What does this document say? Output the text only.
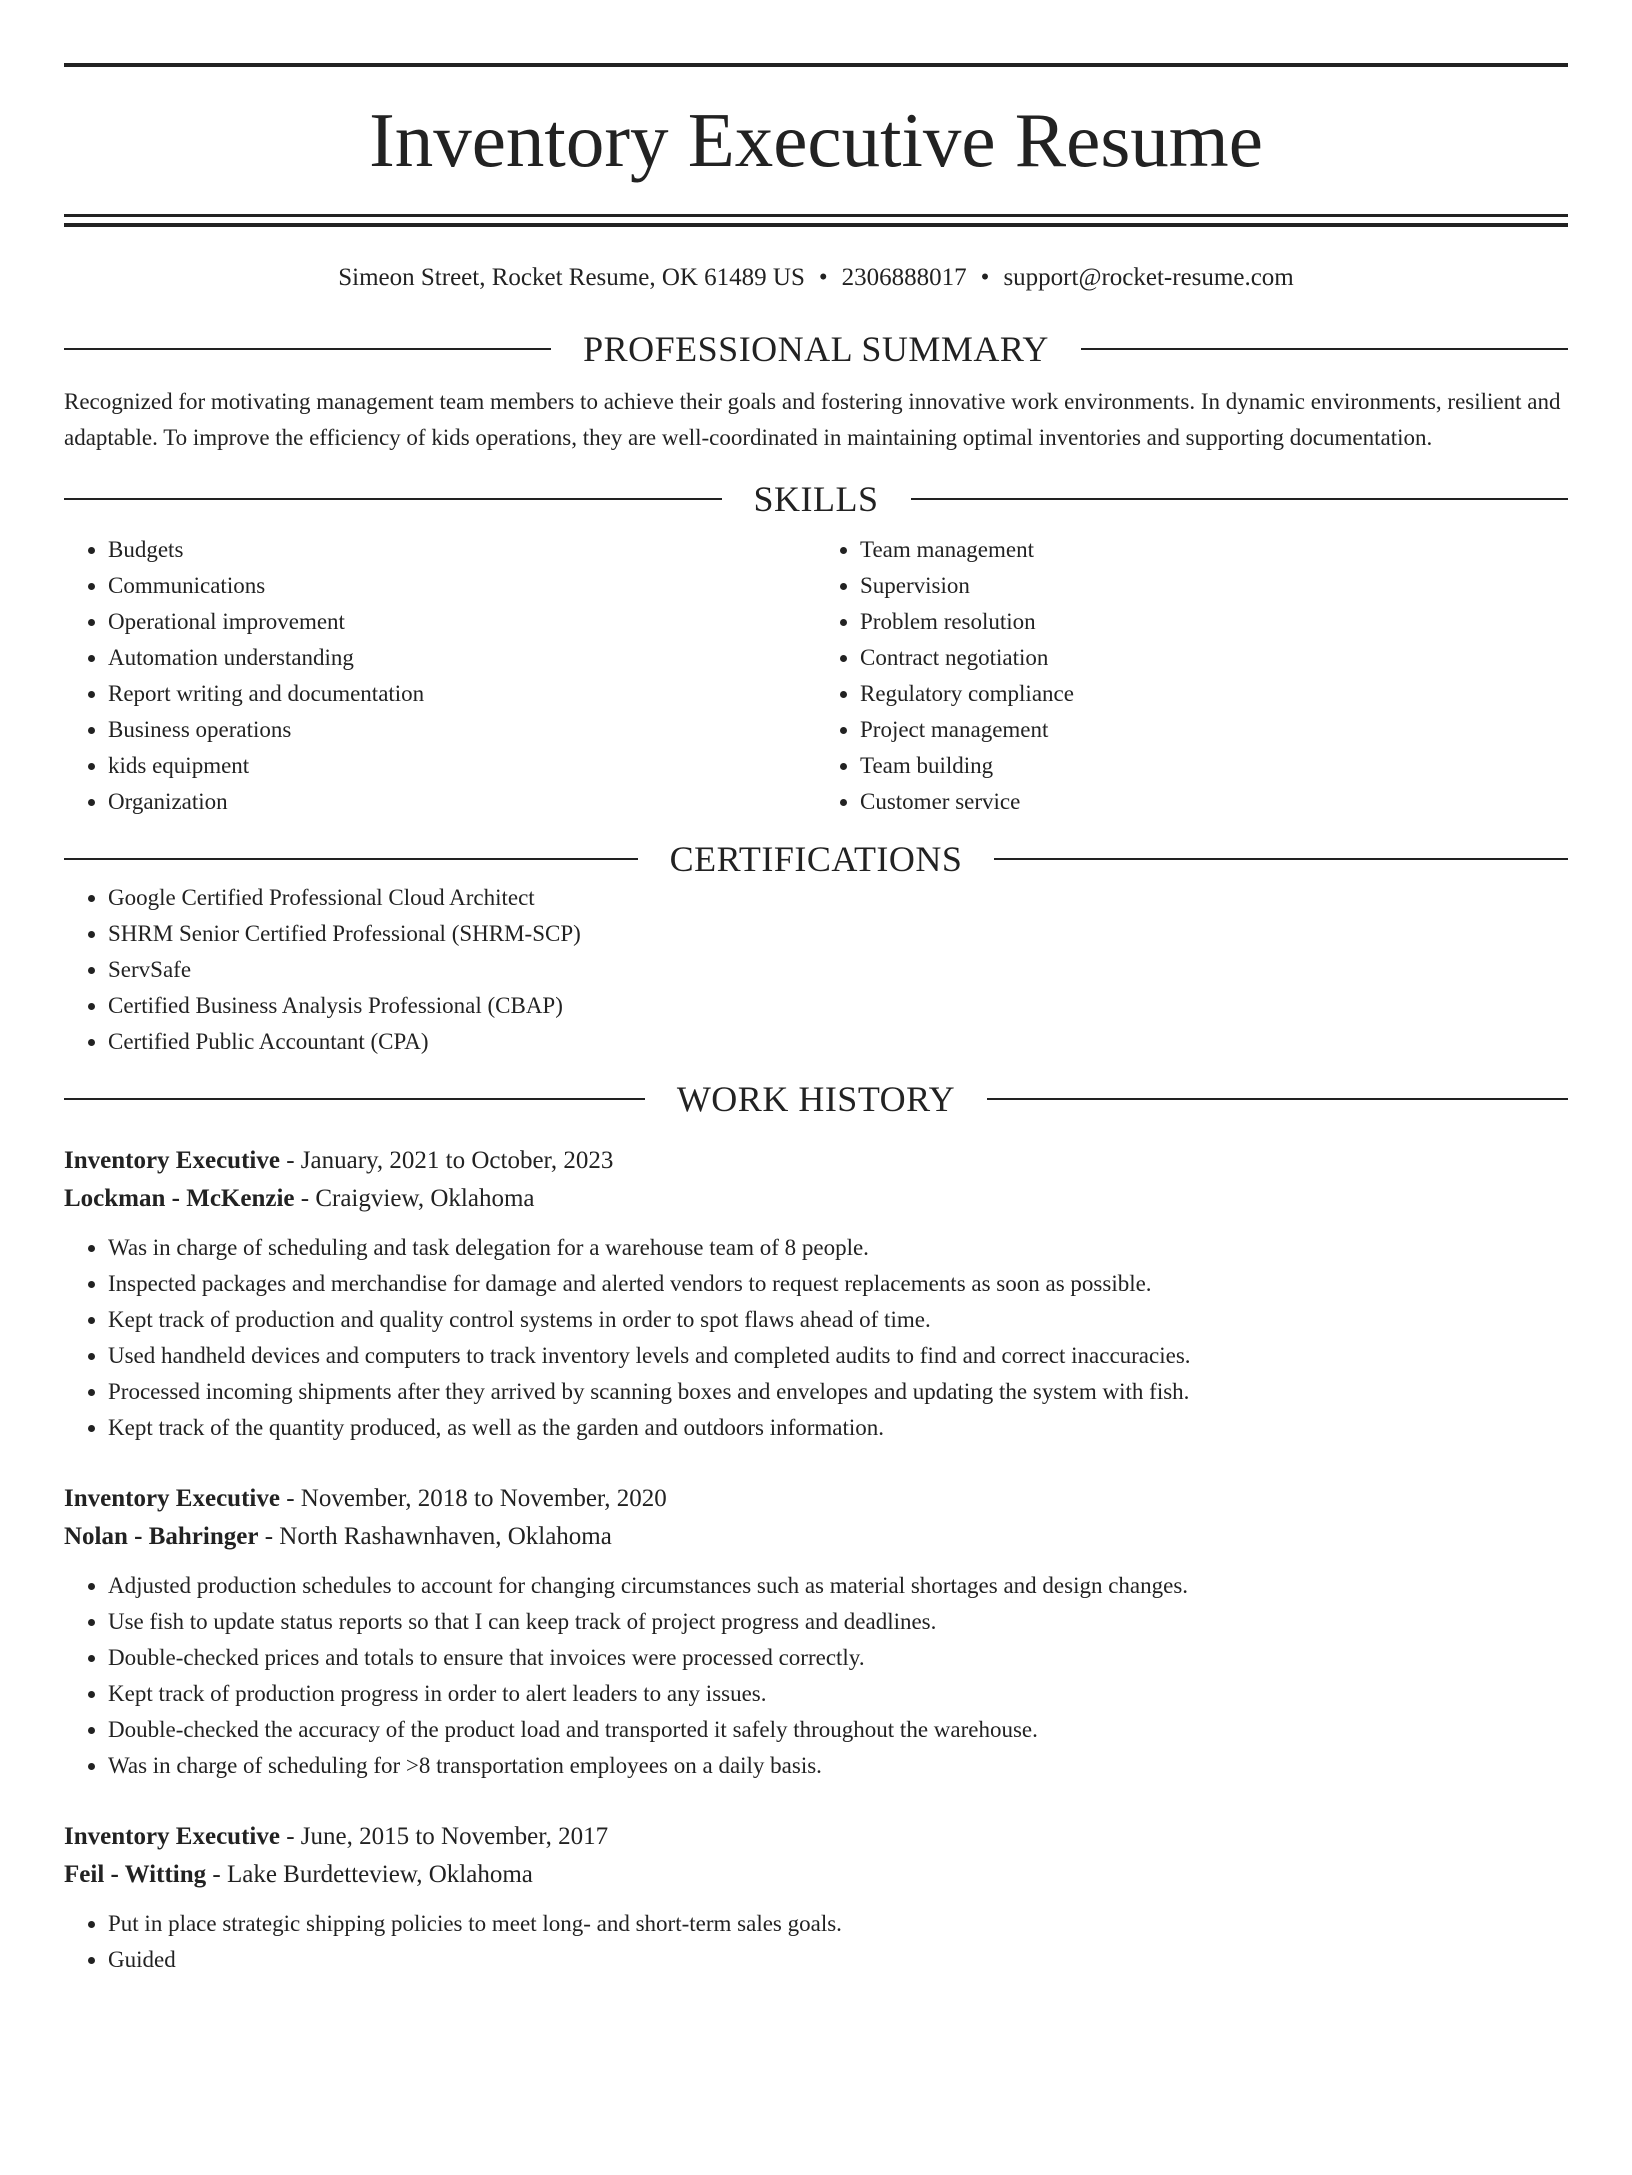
Inventory Executive Resume
Simeon Street, Rocket Resume, OK 61489 US • 2306888017 • support@rocket-resume.com
PROFESSIONAL SUMMARY
Recognized for motivating management team members to achieve their goals and fostering innovative work environments. In dynamic environments, resilient and adaptable. To improve the efficiency of kids operations, they are well-coordinated in maintaining optimal inventories and supporting documentation.
SKILLS
• Budgets
• Communications
• Operational improvement
• Automation understanding
• Report writing and documentation
• Business operations
• kids equipment
• Organization
• Team management
• Supervision
• Problem resolution
• Contract negotiation
• Regulatory compliance
• Project management
• Team building
• Customer service
CERTIFICATIONS
• Google Certified Professional Cloud Architect
• SHRM Senior Certified Professional (SHRM-SCP)
• ServSafe
• Certified Business Analysis Professional (CBAP)
• Certified Public Accountant (CPA)
WORK HISTORY
Inventory Executive - January, 2021 to October, 2023
Lockman - McKenzie - Craigview, Oklahoma
• Was in charge of scheduling and task delegation for a warehouse team of 8 people.
• Inspected packages and merchandise for damage and alerted vendors to request replacements as soon as possible.
• Kept track of production and quality control systems in order to spot flaws ahead of time.
• Used handheld devices and computers to track inventory levels and completed audits to find and correct inaccuracies.
• Processed incoming shipments after they arrived by scanning boxes and envelopes and updating the system with fish.
• Kept track of the quantity produced, as well as the garden and outdoors information.
Inventory Executive - November, 2018 to November, 2020
Nolan - Bahringer - North Rashawnhaven, Oklahoma
• Adjusted production schedules to account for changing circumstances such as material shortages and design changes.
• Use fish to update status reports so that I can keep track of project progress and deadlines.
• Double-checked prices and totals to ensure that invoices were processed correctly.
• Kept track of production progress in order to alert leaders to any issues.
• Double-checked the accuracy of the product load and transported it safely throughout the warehouse.
• Was in charge of scheduling for >8 transportation employees on a daily basis.
Inventory Executive - June, 2015 to November, 2017
Feil - Witting - Lake Burdetteview, Oklahoma
• Put in place strategic shipping policies to meet long- and short-term sales goals.
• Guided
